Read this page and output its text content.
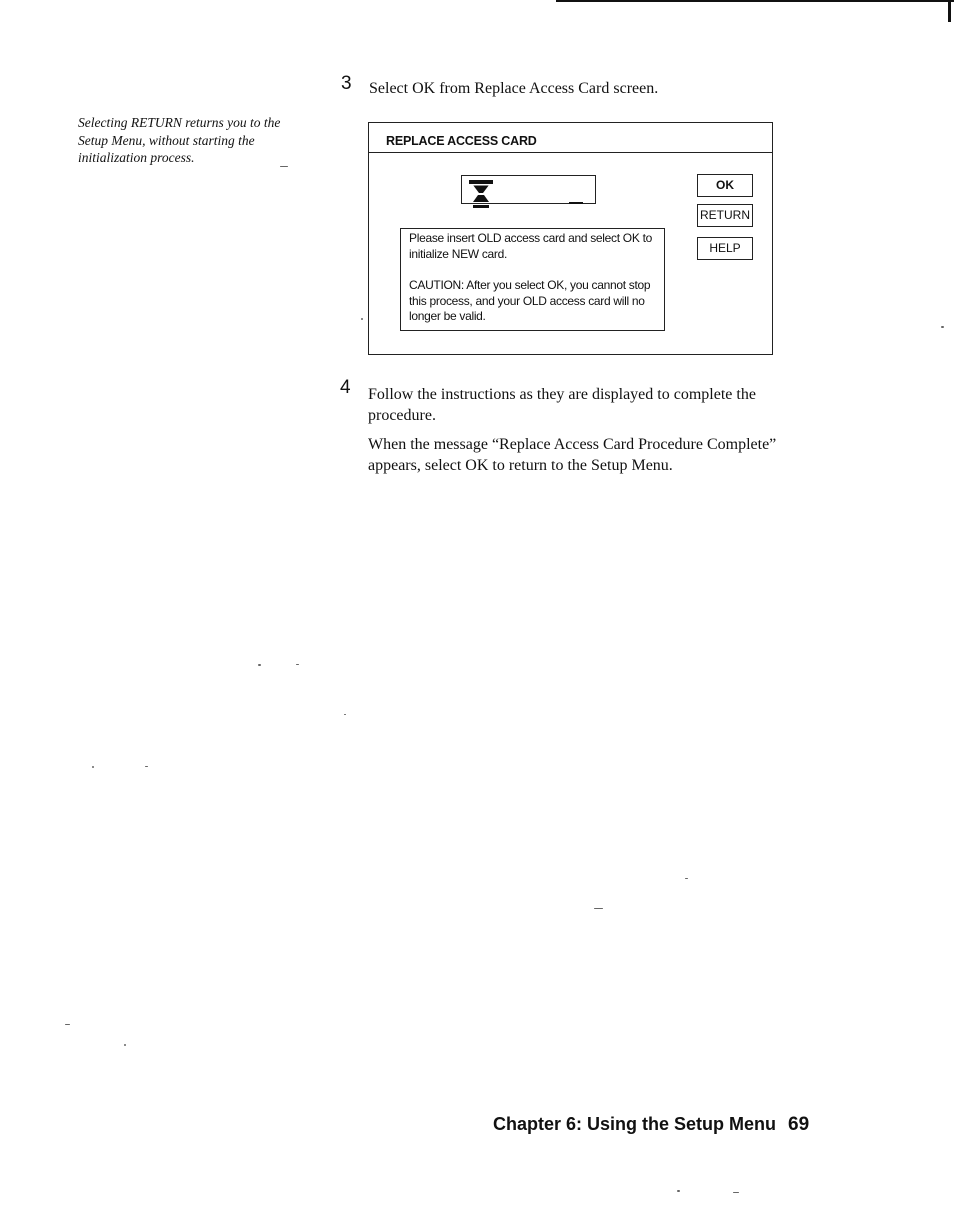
Selecting RETURN returns you to the Setup Menu, without starting the initialization process.
3 Select OK from Replace Access Card screen.
REPLACE ACCESS CARD

Please insert OLD access card and select OK to initialize NEW card.

CAUTION: After you select OK, you cannot stop this process, and your OLD access card will no longer be valid.

OK
RETURN
HELP
4 Follow the instructions as they are displayed to complete the procedure.
When the message “Replace Access Card Procedure Complete” appears, select OK to return to the Setup Menu.
Chapter 6: Using the Setup Menu 69
